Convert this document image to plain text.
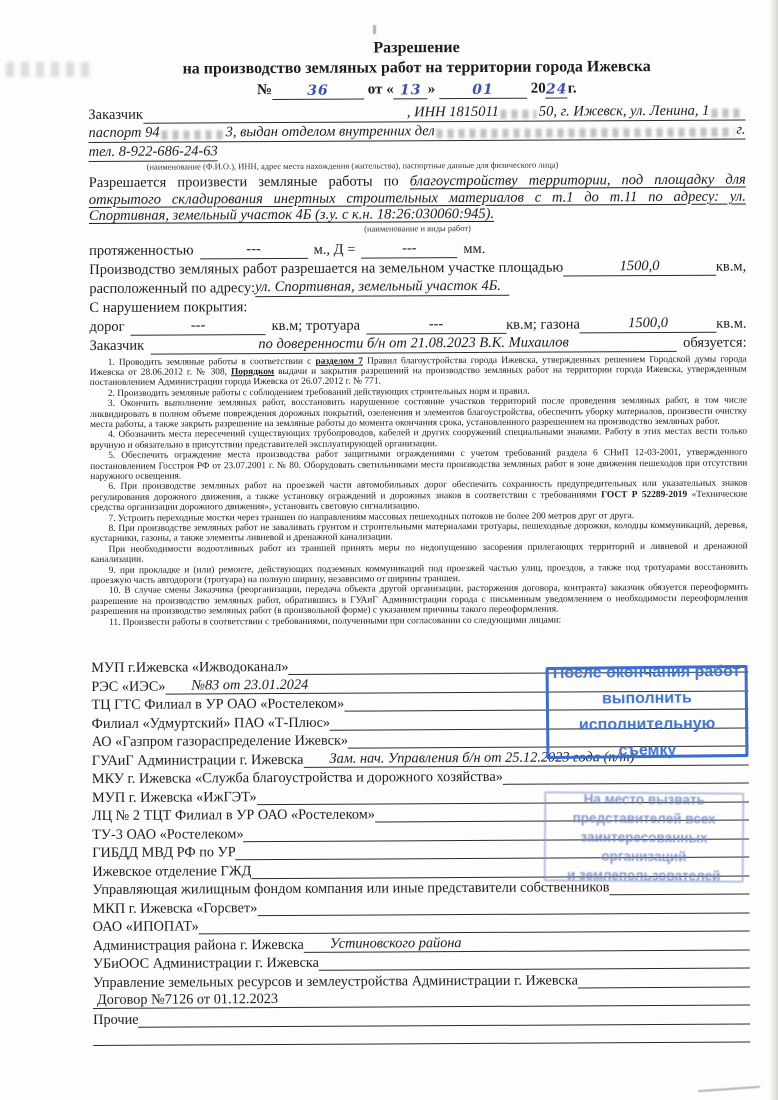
Разрешение
на производство земляных работ на территории города Ижевска
№	36	от « 13 »	01 2024г.
Заказчик	, ИНН 1815011	50, г. Ижевск, ул. Ленина, 1
паспорт 94	3, выдан отделом внутренних дел	г.
тел. 8-922-686-24-63
(наименование (Ф.И.О.), ИНН, адрес места нахождения (жительства), паспортные данные для физического лица)

Разрешается произвести земляные работы по благоустройству территории, под площадку для открытого складирования инертных строительных материалов с т.1 до т.11 по адресу: ул. Спортивная, земельный участок 4Б (з.у. с к.н. 18:26:030060:945).

(наименование и виды работ)
протяженностью	---	м., Д =	---	мм.
Производство земляных работ разрешается на земельном участке площадью	1500,0	кв.м,
расположенный по адресу: ул. Спортивная, земельный участок 4Б.
С нарушением покрытия:
дорог	---	кв.м; тротуара	---	кв.м; газона	1500,0	кв.м.
Заказчик	по доверенности б/н от 21.08.2023 В.К. Михаилов	обязуется:

1. Проводить земляные работы в соответствии с разделом 7 Правил благоустройства города Ижевска, утвержденных решением Городской думы города Ижевска от 28.06.2012 г. № 308, Порядком выдачи и закрытия разрешений на производство земляных работ на территории города Ижевска, утвержденным постановлением Администрации города Ижевска от 26.07.2012 г. № 771.

2. Производить земляные работы с соблюдением требований действующих строительных норм и правил.

3. Окончить выполнение земляных работ, восстановить нарушенное состояние участков территорий после проведения земляных работ, в том числе ликвидировать в полном объеме повреждения дорожных покрытий, озеленения и элементов благоустройства, обеспечить уборку материалов, произвести очистку места работы, а также закрыть разрешение на земляные работы до момента окончания срока, установленного разрешением на производство земляных работ.

4. Обозначить места пересечений существующих трубопроводов, кабелей и других сооружений специальными знаками. Работу в этих местах вести только вручную и обязательно в присутствии представителей эксплуатирующей организации.

5. Обеспечить ограждение места производства работ защитными ограждениями с учетом требований раздела 6 СНиП 12-03-2001, утвержденного постановлением Госстроя РФ от 23.07.2001 г. № 80. Оборудовать светильниками места производства земляных работ в зоне движения пешеходов при отсутствии наружного освещения.

6. При производстве земляных работ на проезжей части автомобильных дорог обеспечить сохранность предупредительных или указательных знаков регулирования дорожного движения, а также установку ограждений и дорожных знаков в соответствии с требованиями ГОСТ Р 52289-2019 «Технические средства организации дорожного движения», установить световую сигнализацию.

7. Устроить переходные мостки через траншеи по направлениям массовых пешеходных потоков не более 200 метров друг от друга.

8. При производстве земляных работ не заваливать грунтом и строительными материалами тротуары, пешеходные дорожки, колодцы коммуникаций, деревья, кустарники, газоны, а также элементы ливневой и дренажной канализации.

При необходимости водоотливных работ из траншей принять меры по недопущению засорения прилегающих территорий и ливневой и дренажной канализации.

9. при прокладке и (или) ремонте, действующих подземных коммуникаций под проезжей частью улиц, проездов, а также под тротуарами восстановить проезжую часть автодороги (тротуара) на полную ширину, независимо от ширины траншеи.

10. В случае смены Заказчика (реорганизации, передача объекта другой организации, расторжения договора, контракта) заказчик обязуется переоформить разрешение на производство земляных работ, обратившись в ГУАиГ Администрации города с письменным уведомлением о необходимости переоформления разрешения на производство земляных работ (в произвольной форме) с указанием причины такого переоформления.

11. Произвести работы в соответствии с требованиями, полученными при согласовании со следующими лицами:

МУП г.Ижевска «Ижводоканал»
РЭС «ИЭС»	№83 от 23.01.2024
ТЦ ГТС Филиал в УР ОАО «Ростелеком»
Филиал «Удмуртский» ПАО «Т-Плюс»
АО «Газпром газораспределение Ижевск»
ГУАиГ Администрации г. Ижевска	Зам. нач. Управления б/н от 25.12.2023 года (п/т)
МКУ г. Ижевска «Служба благоустройства и дорожного хозяйства»
МУП г. Ижевска «ИжГЭТ»
ЛЦ № 2 ТЦТ Филиал в УР ОАО «Ростелеком»
ТУ-3 ОАО «Ростелеком»
ГИБДД МВД РФ по УР
Ижевское отделение ГЖД
Управляющая жилищным фондом компания или иные представители собственников
МКП г. Ижевска «Горсвет»
ОАО «ИПОПАТ»
Администрация района г. Ижевска	Устиновского района
УБиООС Администрации г. Ижевска
Управление земельных ресурсов и землеустройства Администрации г. Ижевска
Договор №7126 от 01.12.2023
Прочие
После окончания работ
выполнить
исполнительную съемку
На место вызвать
представителей всех
заинтересованных организаций
и землепользователей
